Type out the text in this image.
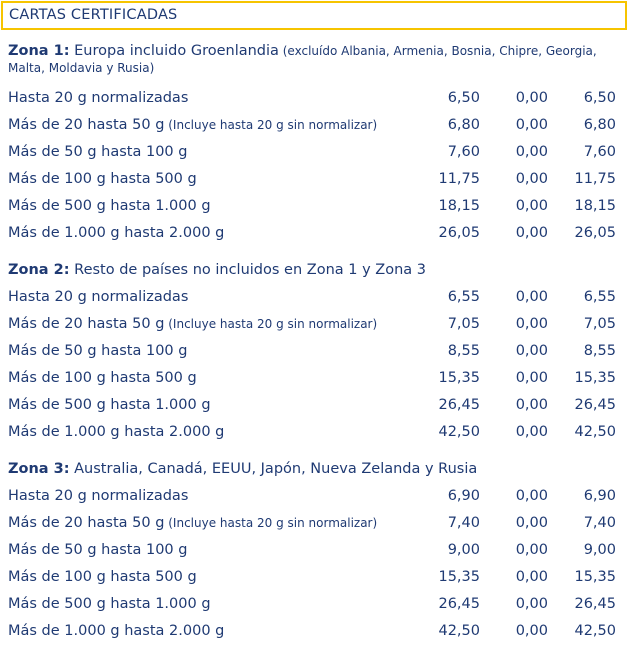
CARTAS CERTIFICADAS
Zona 1: Europa incluido Groenlandia (excluído Albania, Armenia, Bosnia, Chipre, Georgia, Malta, Moldavia y Rusia)
Hasta 20 g normalizadas	6,50 0,00 6,50
Más de 20 hasta 50 g (Incluye hasta 20 g sin normalizar)	6,80 0,00 6,80
Más de 50 g hasta 100 g	7,60 0,00 7,60
Más de 100 g hasta 500 g	11,75 0,00 11,75
Más de 500 g hasta 1.000 g	18,15 0,00 18,15
Más de 1.000 g hasta 2.000 g	26,05 0,00 26,05
Zona 2: Resto de países no incluidos en Zona 1 y Zona 3
Hasta 20 g normalizadas	6,55 0,00 6,55
Más de 20 hasta 50 g (Incluye hasta 20 g sin normalizar)	7,05 0,00 7,05
Más de 50 g hasta 100 g	8,55 0,00 8,55
Más de 100 g hasta 500 g	15,35 0,00 15,35
Más de 500 g hasta 1.000 g	26,45 0,00 26,45
Más de 1.000 g hasta 2.000 g	42,50 0,00 42,50
Zona 3: Australia, Canadá, EEUU, Japón, Nueva Zelanda y Rusia
Hasta 20 g normalizadas	6,90 0,00 6,90
Más de 20 hasta 50 g (Incluye hasta 20 g sin normalizar)	7,40 0,00 7,40
Más de 50 g hasta 100 g	9,00 0,00 9,00
Más de 100 g hasta 500 g	15,35 0,00 15,35
Más de 500 g hasta 1.000 g	26,45 0,00 26,45
Más de 1.000 g hasta 2.000 g	42,50 0,00 42,50
